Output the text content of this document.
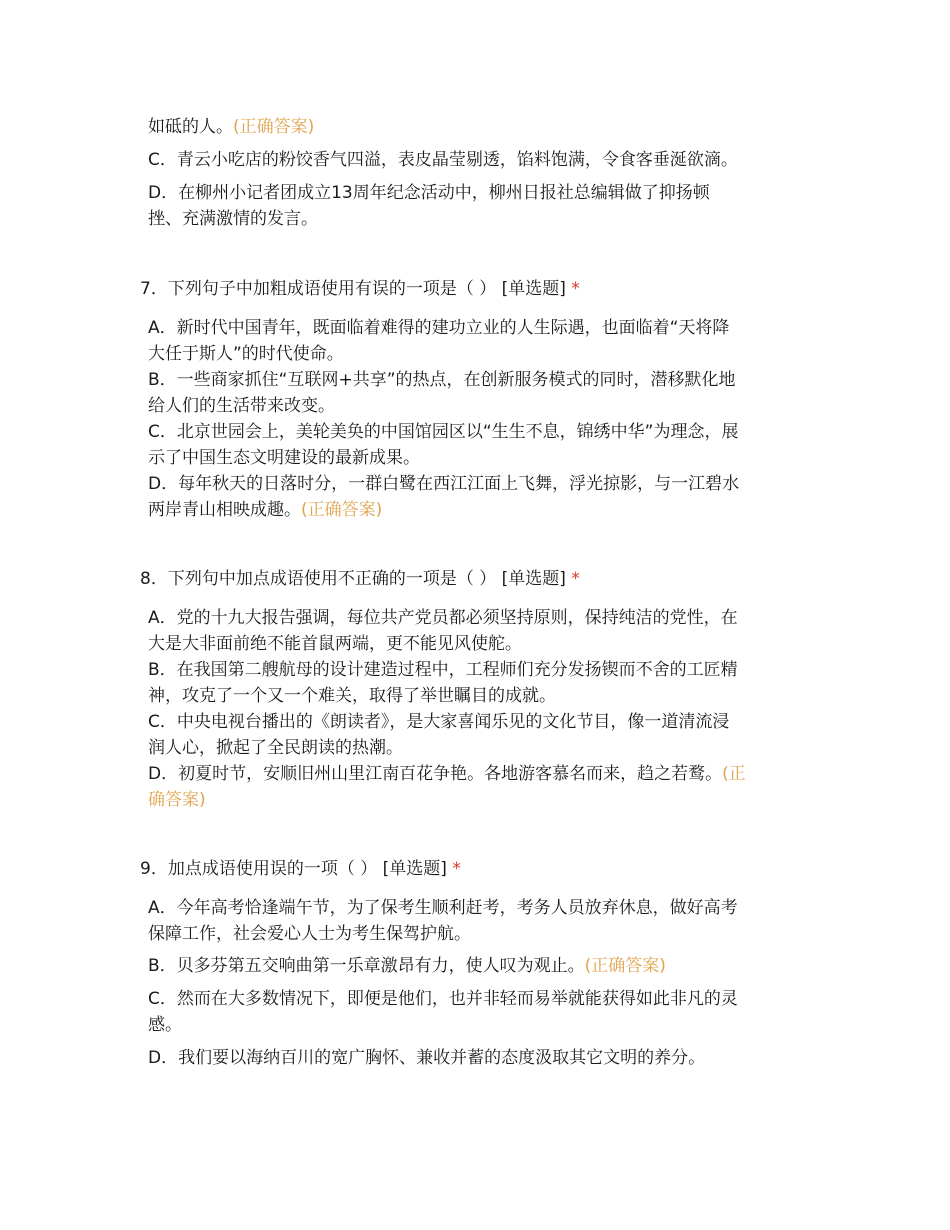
如砥的人。(正确答案)
C．青云小吃店的粉饺香气四溢，表皮晶莹剔透，馅料饱满，令食客垂涎欲滴。
D．在柳州小记者团成立13周年纪念活动中，柳州日报社总编辑做了抑扬顿
挫、充满激情的发言。
7．下列句子中加粗成语使用有误的一项是（ ） [单选题] *
A．新时代中国青年，既面临着难得的建功立业的人生际遇，也面临着“天将降
大任于斯人”的时代使命。
B．一些商家抓住“互联网+共享”的热点，在创新服务模式的同时，潜移默化地
给人们的生活带来改变。
C．北京世园会上，美轮美奂的中国馆园区以“生生不息，锦绣中华”为理念，展
示了中国生态文明建设的最新成果。
D．每年秋天的日落时分，一群白鹭在西江江面上飞舞，浮光掠影，与一江碧水
两岸青山相映成趣。(正确答案)
8．下列句中加点成语使用不正确的一项是（ ） [单选题] *
A．党的十九大报告强调，每位共产党员都必须坚持原则，保持纯洁的党性，在
大是大非面前绝不能首鼠两端，更不能见风使舵。
B．在我国第二艘航母的设计建造过程中，工程师们充分发扬锲而不舍的工匠精
神，攻克了一个又一个难关，取得了举世瞩目的成就。
C．中央电视台播出的《朗读者》，是大家喜闻乐见的文化节目，像一道清流浸
润人心，掀起了全民朗读的热潮。
D．初夏时节，安顺旧州山里江南百花争艳。各地游客慕名而来，趋之若鹜。(正
确答案)
9．加点成语使用误的一项（ ） [单选题] *
A．今年高考恰逢端午节，为了保考生顺利赶考，考务人员放弃休息，做好高考
保障工作，社会爱心人士为考生保驾护航。
B．贝多芬第五交响曲第一乐章激昂有力，使人叹为观止。(正确答案)
C．然而在大多数情况下，即便是他们，也并非轻而易举就能获得如此非凡的灵
感。
D．我们要以海纳百川的宽广胸怀、兼收并蓄的态度汲取其它文明的养分。
